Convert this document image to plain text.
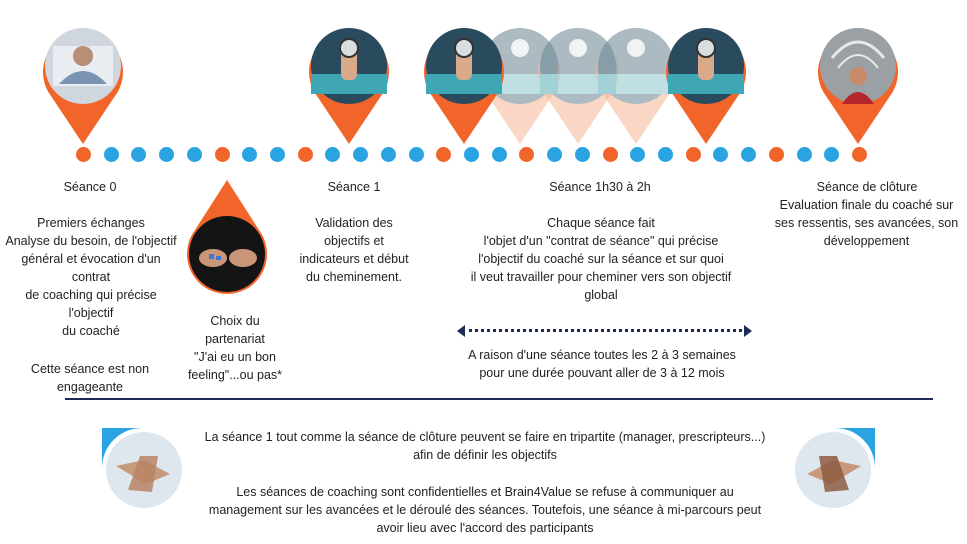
Séance 0
Premiers échanges
Analyse du besoin, de l'objectif
général et évocation d'un
contrat
de coaching qui précise
l'objectif
du coaché
Cette séance est non
engageante
Choix du
partenariat
"J'ai eu un bon
feeling"...ou pas*
Séance 1
Validation des
objectifs et
indicateurs et début
du cheminement.
Séance 1h30 à 2h
Chaque séance fait
l'objet d'un "contrat de séance" qui précise
l'objectif du coaché sur la séance et sur quoi
il veut travailler pour cheminer vers son objectif
global
A raison d'une séance toutes les 2 à 3 semaines
pour une durée pouvant aller de 3 à 12 mois
Séance de clôture
Evaluation finale du coaché sur
ses ressentis, ses avancées, son
développement
La séance 1 tout comme la séance de clôture peuvent se faire en tripartite (manager, prescripteurs...)
afin de définir les objectifs
Les séances de coaching sont confidentielles et Brain4Value se refuse à communiquer au
management sur les avancées et le déroulé des séances. Toutefois, une séance à mi-parcours peut
avoir lieu avec l'accord des participants
